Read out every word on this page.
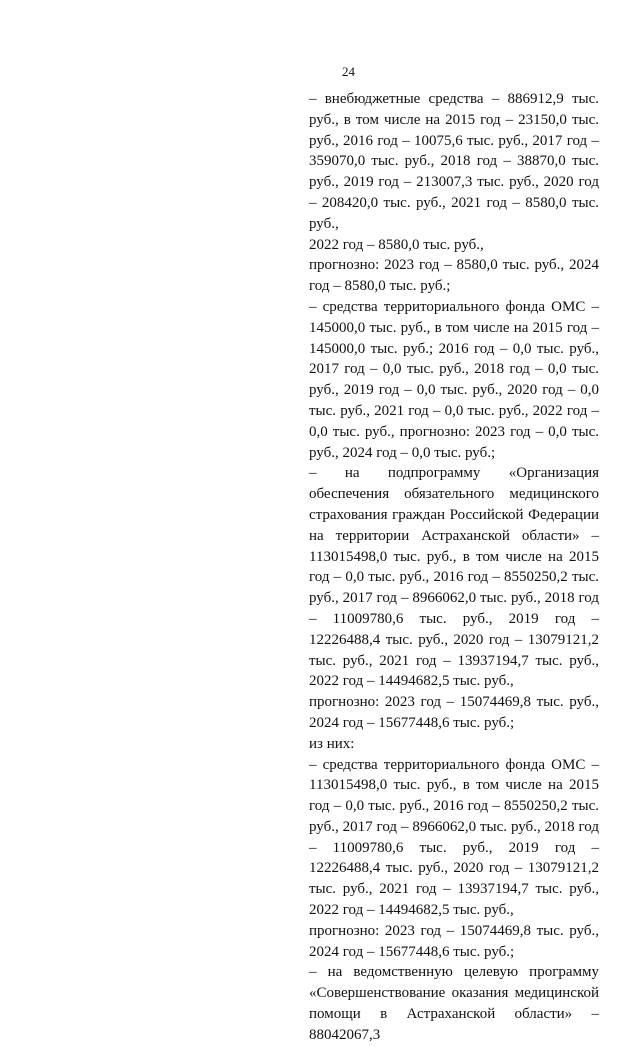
24

– внебюджетные средства – 886912,9 тыс. руб., в том числе на 2015 год – 23150,0 тыс. руб., 2016 год – 10075,6 тыс. руб., 2017 год – 359070,0 тыс. руб., 2018 год – 38870,0 тыс. руб., 2019 год – 213007,3 тыс. руб., 2020 год – 208420,0 тыс. руб., 2021 год – 8580,0 тыс. руб.,

2022 год – 8580,0 тыс. руб.,

прогнозно: 2023 год – 8580,0 тыс. руб., 2024 год – 8580,0 тыс. руб.;

– средства территориального фонда ОМС – 145000,0 тыс. руб., в том числе на 2015 год – 145000,0 тыс. руб.; 2016 год – 0,0 тыс. руб., 2017 год – 0,0 тыс. руб., 2018 год – 0,0 тыс. руб., 2019 год – 0,0 тыс. руб., 2020 год – 0,0 тыс. руб., 2021 год – 0,0 тыс. руб., 2022 год – 0,0 тыс. руб., прогнозно: 2023 год – 0,0 тыс. руб., 2024 год – 0,0 тыс. руб.;

– на подпрограмму «Организация обеспечения обязательного медицинского страхования граждан Российской Федерации на территории Астраханской области» – 113015498,0 тыс. руб., в том числе на 2015 год – 0,0 тыс. руб., 2016 год – 8550250,2 тыс. руб., 2017 год – 8966062,0 тыс. руб., 2018 год – 11009780,6 тыс. руб., 2019 год – 12226488,4 тыс. руб., 2020 год – 13079121,2 тыс. руб., 2021 год – 13937194,7 тыс. руб., 2022 год – 14494682,5 тыс. руб.,

прогнозно: 2023 год – 15074469,8 тыс. руб., 2024 год – 15677448,6 тыс. руб.;

из них:

– средства территориального фонда ОМС – 113015498,0 тыс. руб., в том числе на 2015 год – 0,0 тыс. руб., 2016 год – 8550250,2 тыс. руб., 2017 год – 8966062,0 тыс. руб., 2018 год – 11009780,6 тыс. руб., 2019 год –

12226488,4 тыс. руб., 2020 год – 13079121,2 тыс. руб., 2021 год – 13937194,7 тыс. руб., 2022 год – 14494682,5 тыс. руб.,

прогнозно: 2023 год – 15074469,8 тыс. руб., 2024 год – 15677448,6 тыс. руб.;

– на ведомственную целевую программу «Совершенствование оказания медицинской помощи в Астраханской области» – 88042067,3
